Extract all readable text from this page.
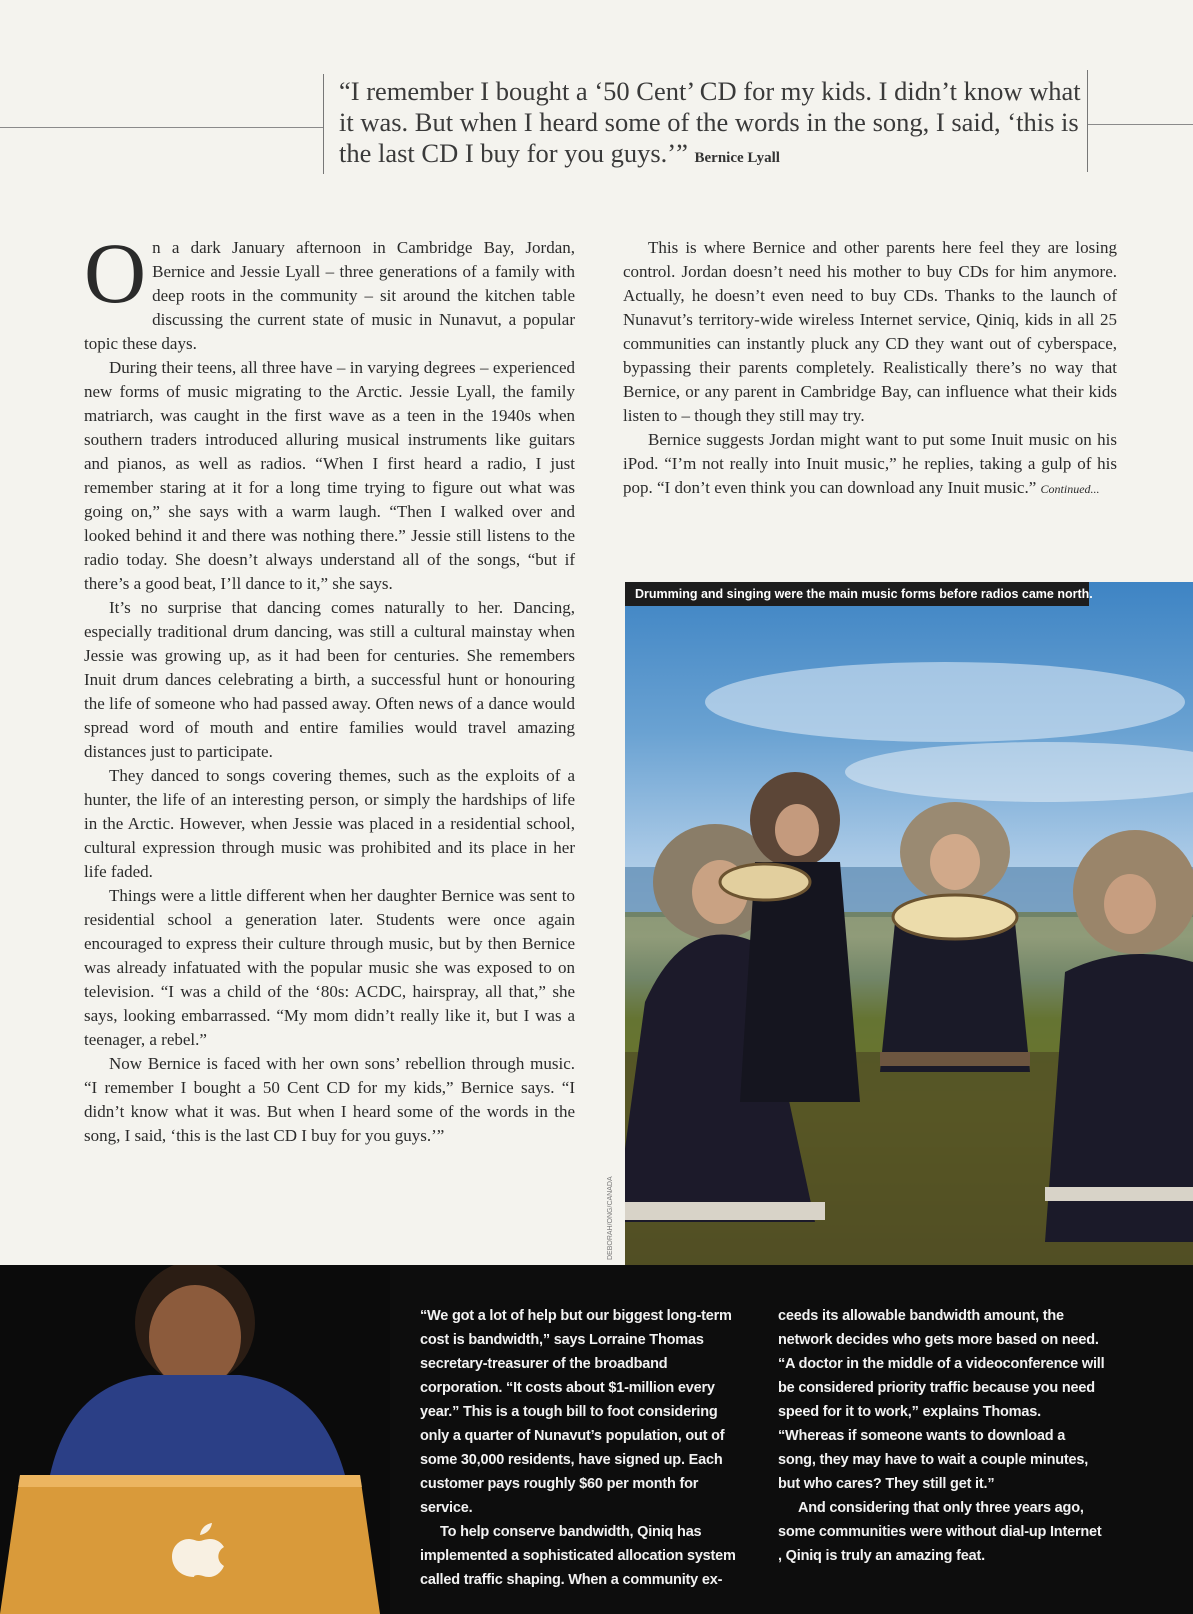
“I remember I bought a ‘50 Cent’ CD for my kids. I didn’t know what it was. But when I heard some of the words in the song, I said, ‘this is the last CD I buy for you guys.’” Bernice Lyall

On a dark January afternoon in Cambridge Bay, Jordan, Bernice and Jessie Lyall – three generations of a family with deep roots in the community – sit around the kitchen table discussing the current state of music in Nunavut, a popular topic these days.

During their teens, all three have – in varying degrees – experienced new forms of music migrating to the Arctic. Jessie Lyall, the family matriarch, was caught in the first wave as a teen in the 1940s when southern traders introduced alluring musical instruments like guitars and pianos, as well as radios. “When I first heard a radio, I just remember staring at it for a long time trying to figure out what was going on,” she says with a warm laugh. “Then I walked over and looked behind it and there was nothing there.” Jessie still listens to the radio today. She doesn’t always understand all of the songs, “but if there’s a good beat, I’ll dance to it,” she says.

It’s no surprise that dancing comes naturally to her. Dancing, especially traditional drum dancing, was still a cultural mainstay when Jessie was growing up, as it had been for centuries. She remembers Inuit drum dances celebrating a birth, a successful hunt or honouring the life of someone who had passed away. Often news of a dance would spread word of mouth and entire families would travel amazing distances just to participate.

They danced to songs covering themes, such as the exploits of a hunter, the life of an interesting person, or simply the hardships of life in the Arctic. However, when Jessie was placed in a residential school, cultural expression through music was prohibited and its place in her life faded.

Things were a little different when her daughter Bernice was sent to residential school a generation later. Students were once again encouraged to express their culture through music, but by then Bernice was already infatuated with the popular music she was exposed to on television. “I was a child of the ‘80s: ACDC, hairspray, all that,” she says, looking embarrassed. “My mom didn’t really like it, but I was a teenager, a rebel.”

Now Bernice is faced with her own sons’ rebellion through music. “I remember I bought a 50 Cent CD for my kids,” Bernice says. “I didn’t know what it was. But when I heard some of the words in the song, I said, ‘this is the last CD I buy for you guys.’”

This is where Bernice and other parents here feel they are losing control. Jordan doesn’t need his mother to buy CDs for him anymore. Actually, he doesn’t even need to buy CDs. Thanks to the launch of Nunavut’s territory-wide wireless Internet service, Qiniq, kids in all 25 communities can instantly pluck any CD they want out of cyberspace, bypassing their parents completely. Realistically there’s no way that Bernice, or any parent in Cambridge Bay, can influence what their kids listen to – though they still may try.

Bernice suggests Jordan might want to put some Inuit music on his iPod. “I’m not really into Inuit music,” he replies, taking a gulp of his pop. “I don’t even think you can download any Inuit music.” Continued...

Drumming and singing were the main music forms before radios came north.
DEBORAH/ONG/CANADA

“We got a lot of help but our biggest long-term cost is bandwidth,” says Lorraine Thomas secretary-treasurer of the broadband corporation. “It costs about $1-million every year.” This is a tough bill to foot considering only a quarter of Nunavut’s population, out of some 30,000 residents, have signed up. Each customer pays roughly $60 per month for service.

To help conserve bandwidth, Qiniq has implemented a sophisticated allocation system called traffic shaping. When a community ex-

ceeds its allowable bandwidth amount, the network decides who gets more based on need. “A doctor in the middle of a videoconference will be considered priority traffic because you need speed for it to work,” explains Thomas. “Whereas if someone wants to download a song, they may have to wait a couple minutes, but who cares? They still get it.”

And considering that only three years ago, some communities were without dial-up Internet , Qiniq is truly an amazing feat.
